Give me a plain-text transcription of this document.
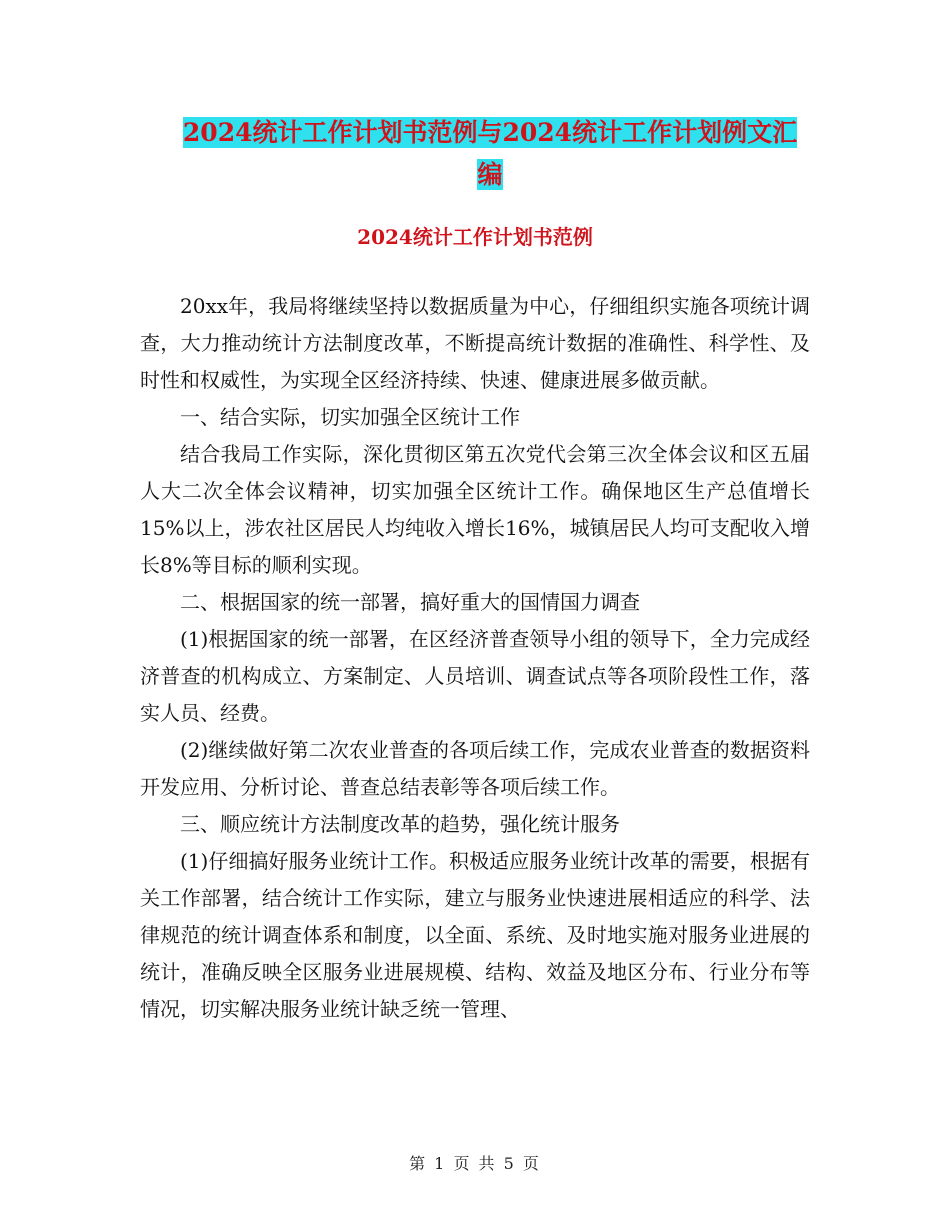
2024统计工作计划书范例与2024统计工作计划例文汇
编
2024统计工作计划书范例

20xx年，我局将继续坚持以数据质量为中心，仔细组织实施各项统计调查，大力推动统计方法制度改革，不断提高统计数据的准确性、科学性、及时性和权威性，为实现全区经济持续、快速、健康进展多做贡献。

一、结合实际，切实加强全区统计工作

结合我局工作实际，深化贯彻区第五次党代会第三次全体会议和区五届人大二次全体会议精神，切实加强全区统计工作。确保地区生产总值增长15%以上，涉农社区居民人均纯收入增长16%，城镇居民人均可支配收入增长8%等目标的顺利实现。

二、根据国家的统一部署，搞好重大的国情国力调查

(1)根据国家的统一部署，在区经济普查领导小组的领导下，全力完成经济普查的机构成立、方案制定、人员培训、调查试点等各项阶段性工作，落实人员、经费。

(2)继续做好第二次农业普查的各项后续工作，完成农业普查的数据资料开发应用、分析讨论、普查总结表彰等各项后续工作。

三、顺应统计方法制度改革的趋势，强化统计服务

(1)仔细搞好服务业统计工作。积极适应服务业统计改革的需要，根据有关工作部署，结合统计工作实际，建立与服务业快速进展相适应的科学、法律规范的统计调查体系和制度，以全面、系统、及时地实施对服务业进展的统计，准确反映全区服务业进展规模、结构、效益及地区分布、行业分布等情况，切实解决服务业统计缺乏统一管理、

第 1 页 共 5 页
